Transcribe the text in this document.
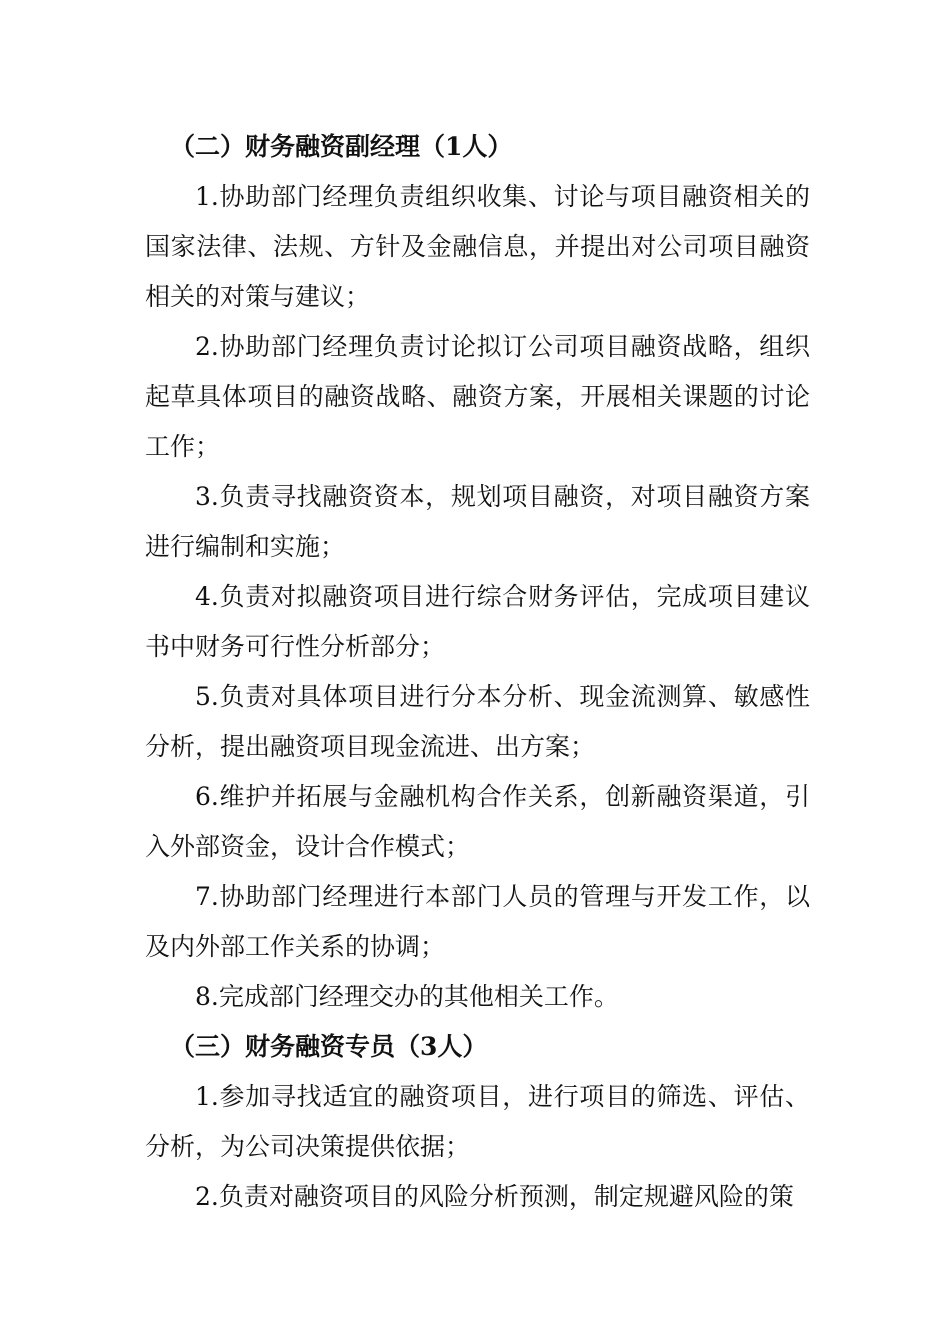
（二）财务融资副经理（1人）

1.协助部门经理负责组织收集、讨论与项目融资相关的国家法律、法规、方针及金融信息，并提出对公司项目融资相关的对策与建议；

2.协助部门经理负责讨论拟订公司项目融资战略，组织起草具体项目的融资战略、融资方案，开展相关课题的讨论工作；

3.负责寻找融资资本，规划项目融资，对项目融资方案进行编制和实施；

4.负责对拟融资项目进行综合财务评估，完成项目建议书中财务可行性分析部分；

5.负责对具体项目进行分本分析、现金流测算、敏感性分析，提出融资项目现金流进、出方案；

6.维护并拓展与金融机构合作关系，创新融资渠道，引入外部资金，设计合作模式；

7.协助部门经理进行本部门人员的管理与开发工作，以及内外部工作关系的协调；

8.完成部门经理交办的其他相关工作。

（三）财务融资专员（3人）

1.参加寻找适宜的融资项目，进行项目的筛选、评估、分析，为公司决策提供依据；

2.负责对融资项目的风险分析预测，制定规避风险的策
